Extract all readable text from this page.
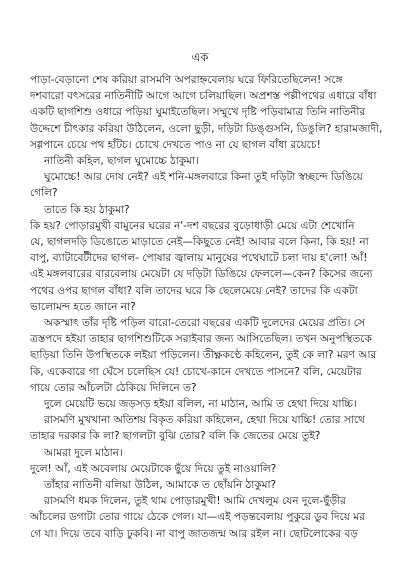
এক
পাড়া-বেড়ানো শেষ করিয়া রাসমণি অপরাহ্নবেলায় ঘরে ফিরিতেছিলেন! সঙ্গে
দশবারো বৎসরের নাতিনীটি আগে আগে চলিয়াছিল। অপ্রশস্ত পল্লীপথের এধারে বাঁধা
একটি ছাগশিশু ওধারে পড়িয়া ঘুমাইতেছিল। সম্মুখে দৃষ্টি পড়িবামাত্র তিনি নাতিনীর
উদ্দেশে চীৎকার করিয়া উঠিলেন, ওলো ছুড়ী, দড়িটা ডিঙ্গুসনি, ডিঙুলি? হারামজাদী,
সগ্গপানে চেয়ে পথ হাঁটচ। চোখে দেখতে পাও না যে ছাগল বাঁধা রয়েচে!
নাতিনী কহিল, ছাগল ঘুমোচ্চে ঠাকুমা।
ঘুমোচ্চে! আর দোষ নেই? এই শনি-মঙ্গলবারে কিনা তুই দড়িটা স্বচ্ছন্দে ডিঙিয়ে
গেলি?
তাতে কি হয় ঠাকুমা?
কি হয়? পোড়ারমুখী বামুনের ঘরের ন'-দশ বছরের বুড়োধাড়ী মেয়ে এটা শেখোনি
যে, ছাগলদড়ি ডিঙোতে মাড়াতে নেই—কিছুতে নেই! আবার বলে কিনা, কি হয়! না
বাপু, ব্যাটাবেটীদের ছাগল- পোষার জ্বালায় মানুষের পথেঘাটে চলা দায় হ'লো! আঁ!
এই মঙ্গলবারের বারবেলায় মেয়েটা যে দড়িটা ডিঙিয়ে ফেললে—কেন? কিসের জন্যে
পথের ওপর ছাগল বাঁধা? বলি তাদের ঘরে কি ছেলেমেয়ে নেই? তাদের কি একটা
ভালোমন্দ হতে জানে না?
অকস্মাৎ তাঁর দৃষ্টি পড়িল বারো-তেরো বছরের একটি দুলেদের মেয়ের প্রতি। সে
ত্রস্তপদে হইয়া তাহার ছাগশিশুটিকে সরাইবার জন্য আসিতেছিল। তখন অনুপস্থিতকে
ছাড়িয়া তিনি উপস্থিতকে লইয়া পড়িলেন। তীক্ষ্ণকণ্ঠে কহিলেন, তুই কে লা? মরণ আর
কি, একেবারে গা ঘেঁসে চলেছিস যে! চোখে-কানে দেখতে পাসনে? বলি, মেয়েটার
গায়ে তোর আঁচলটা ঠেকিয়ে দিলিনে ত?
দুলে মেয়েটি ভয়ে জড়সড় হইয়া বলিল, না মাঠান, আমি ত হেথা দিয়ে যাচ্চি।
রাসমণি মুখখানা অতিশয় বিকৃত করিয়া কহিলেন, হেথা দিয়ে যাচ্চি! তোর সাথে
তাহার দরকার কি লা? ছাগলটা বুঝি তোর? বলি কি জেতের মেয়ে তুই?
আমরা দুলে মাঠান।
দুলে! আঁ, এই অবেলায় মেয়েটাকে ছুঁয়ে দিয়ে তুই নাওয়ালি?
তাঁহার নাতিনী বলিয়া উঠিল, আমাকে ত ছোঁয়নি ঠাকুমা?
রাসমণি ধমক দিলেন, তুই থাম পোড়ারমুখী! আমি দেখলুম যেন দুলে-ছুঁড়ীর
আঁচলের ডগাটা তোর গায়ে ঠেকে গেল। যা—এই পড়ন্তবেলায় পুকুরে ডুব দিয়ে মর
গে যা। দিয়ে তবে বাড়ি ঢুকবি। না বাপু জাতজন্ম আর রইল না। ছোটলোকের বড়
